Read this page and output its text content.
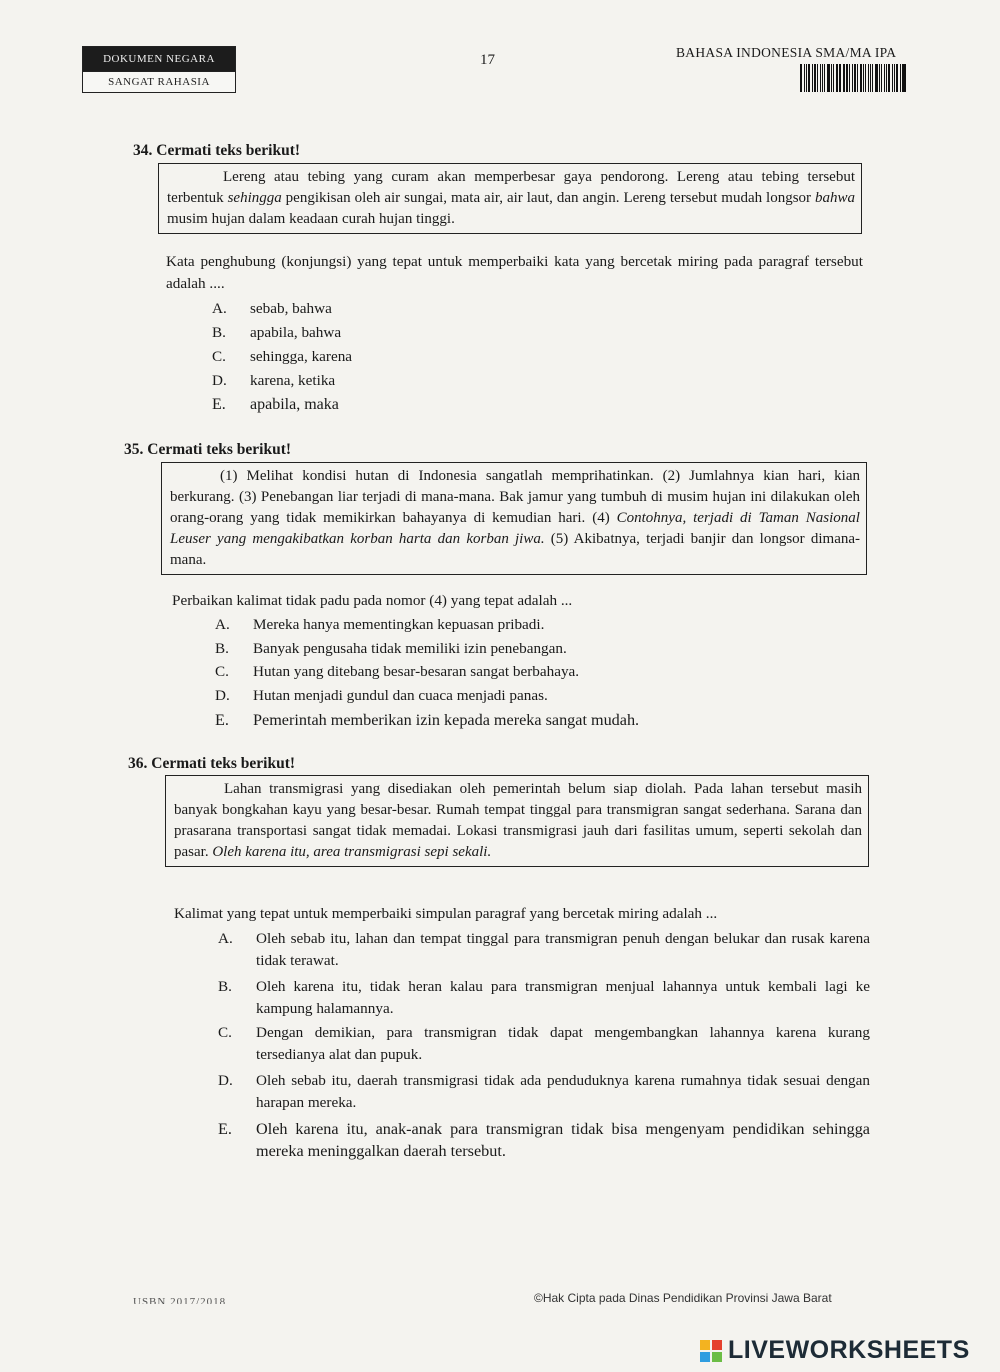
DOKUMEN NEGARA
SANGAT RAHASIA
17	BAHASA INDONESIA SMA/MA IPA
34. Cermati teks berikut!
Lereng atau tebing yang curam akan memperbesar gaya pendorong. Lereng atau tebing tersebut terbentuk sehingga pengikisan oleh air sungai, mata air, air laut, dan angin. Lereng tersebut mudah longsor bahwa musim hujan dalam keadaan curah hujan tinggi.
Kata penghubung (konjungsi) yang tepat untuk memperbaiki kata yang bercetak miring pada paragraf tersebut adalah ....
A. sebab, bahwa
B. apabila, bahwa
C. sehingga, karena
D. karena, ketika
E. apabila, maka
35. Cermati teks berikut!
(1) Melihat kondisi hutan di Indonesia sangatlah memprihatinkan. (2) Jumlahnya kian hari, kian berkurang. (3) Penebangan liar terjadi di mana-mana. Bak jamur yang tumbuh di musim hujan ini dilakukan oleh orang-orang yang tidak memikirkan bahayanya di kemudian hari. (4) Contohnya, terjadi di Taman Nasional Leuser yang mengakibatkan korban harta dan korban jiwa. (5) Akibatnya, terjadi banjir dan longsor dimana-mana.
Perbaikan kalimat tidak padu pada nomor (4) yang tepat adalah ...
A. Mereka hanya mementingkan kepuasan pribadi.
B. Banyak pengusaha tidak memiliki izin penebangan.
C. Hutan yang ditebang besar-besaran sangat berbahaya.
D. Hutan menjadi gundul dan cuaca menjadi panas.
E. Pemerintah memberikan izin kepada mereka sangat mudah.
36. Cermati teks berikut!
Lahan transmigrasi yang disediakan oleh pemerintah belum siap diolah. Pada lahan tersebut masih banyak bongkahan kayu yang besar-besar. Rumah tempat tinggal para transmigran sangat sederhana. Sarana dan prasarana transportasi sangat tidak memadai. Lokasi transmigrasi jauh dari fasilitas umum, seperti sekolah dan pasar. Oleh karena itu, area transmigrasi sepi sekali.
Kalimat yang tepat untuk memperbaiki simpulan paragraf yang bercetak miring adalah ...
A. Oleh sebab itu, lahan dan tempat tinggal para transmigran penuh dengan belukar dan rusak karena tidak terawat.
B. Oleh karena itu, tidak heran kalau para transmigran menjual lahannya untuk kembali lagi ke kampung halamannya.
C. Dengan demikian, para transmigran tidak dapat mengembangkan lahannya karena kurang tersedianya alat dan pupuk.
D. Oleh sebab itu, daerah transmigrasi tidak ada penduduknya karena rumahnya tidak sesuai dengan harapan mereka.
E. Oleh karena itu, anak-anak para transmigran tidak bisa mengenyam pendidikan sehingga mereka meninggalkan daerah tersebut.
USBN 2017/2018	©Hak Cipta pada Dinas Pendidikan Provinsi Jawa Barat
LIVEWORKSHEETS
